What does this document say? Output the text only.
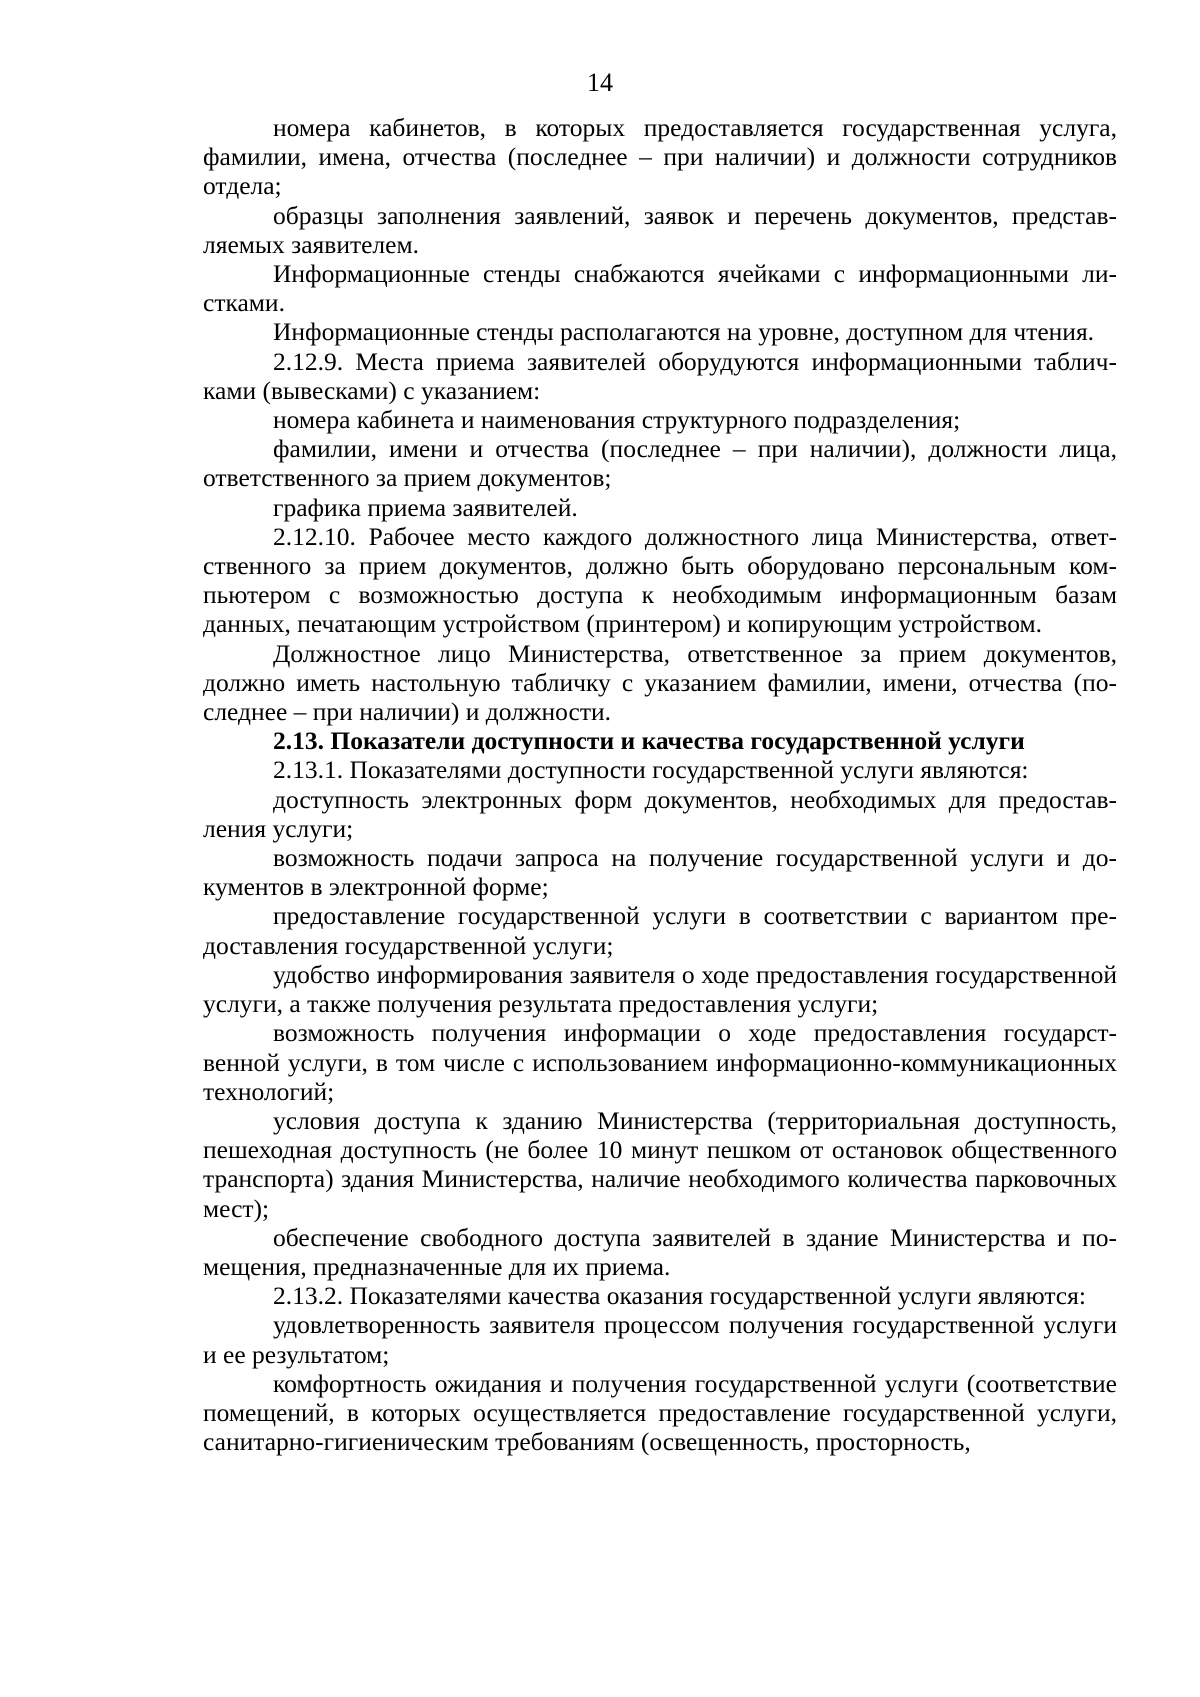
14

номера кабинетов, в которых предоставляется государственная услуга, фамилии, имена, отчества (последнее – при наличии) и должности сотрудников отдела;

образцы заполнения заявлений, заявок и перечень документов, представляемых заявителем.

Информационные стенды снабжаются ячейками с информационными листками.

Информационные стенды располагаются на уровне, доступном для чтения.

2.12.9. Места приема заявителей оборудуются информационными табличками (вывесками) с указанием:

номера кабинета и наименования структурного подразделения;

фамилии, имени и отчества (последнее – при наличии), должности лица, ответственного за прием документов;

графика приема заявителей.

2.12.10. Рабочее место каждого должностного лица Министерства, ответственного за прием документов, должно быть оборудовано персональным компьютером с возможностью доступа к необходимым информационным базам данных, печатающим устройством (принтером) и копирующим устройством.

Должностное лицо Министерства, ответственное за прием документов, должно иметь настольную табличку с указанием фамилии, имени, отчества (последнее – при наличии) и должности.

2.13. Показатели доступности и качества государственной услуги

2.13.1. Показателями доступности государственной услуги являются:

доступность электронных форм документов, необходимых для предоставления услуги;

возможность подачи запроса на получение государственной услуги и документов в электронной форме;

предоставление государственной услуги в соответствии с вариантом предоставления государственной услуги;

удобство информирования заявителя о ходе предоставления государственной услуги, а также получения результата предоставления услуги;

возможность получения информации о ходе предоставления государственной услуги, в том числе с использованием информационно-коммуникационных технологий;

условия доступа к зданию Министерства (территориальная доступность, пешеходная доступность (не более 10 минут пешком от остановок общественного транспорта) здания Министерства, наличие необходимого количества парковочных мест);

обеспечение свободного доступа заявителей в здание Министерства и помещения, предназначенные для их приема.

2.13.2. Показателями качества оказания государственной услуги являются:

удовлетворенность заявителя процессом получения государственной услуги и ее результатом;

комфортность ожидания и получения государственной услуги (соответствие помещений, в которых осуществляется предоставление государственной услуги, санитарно-гигиеническим требованиям (освещенность, просторность,
